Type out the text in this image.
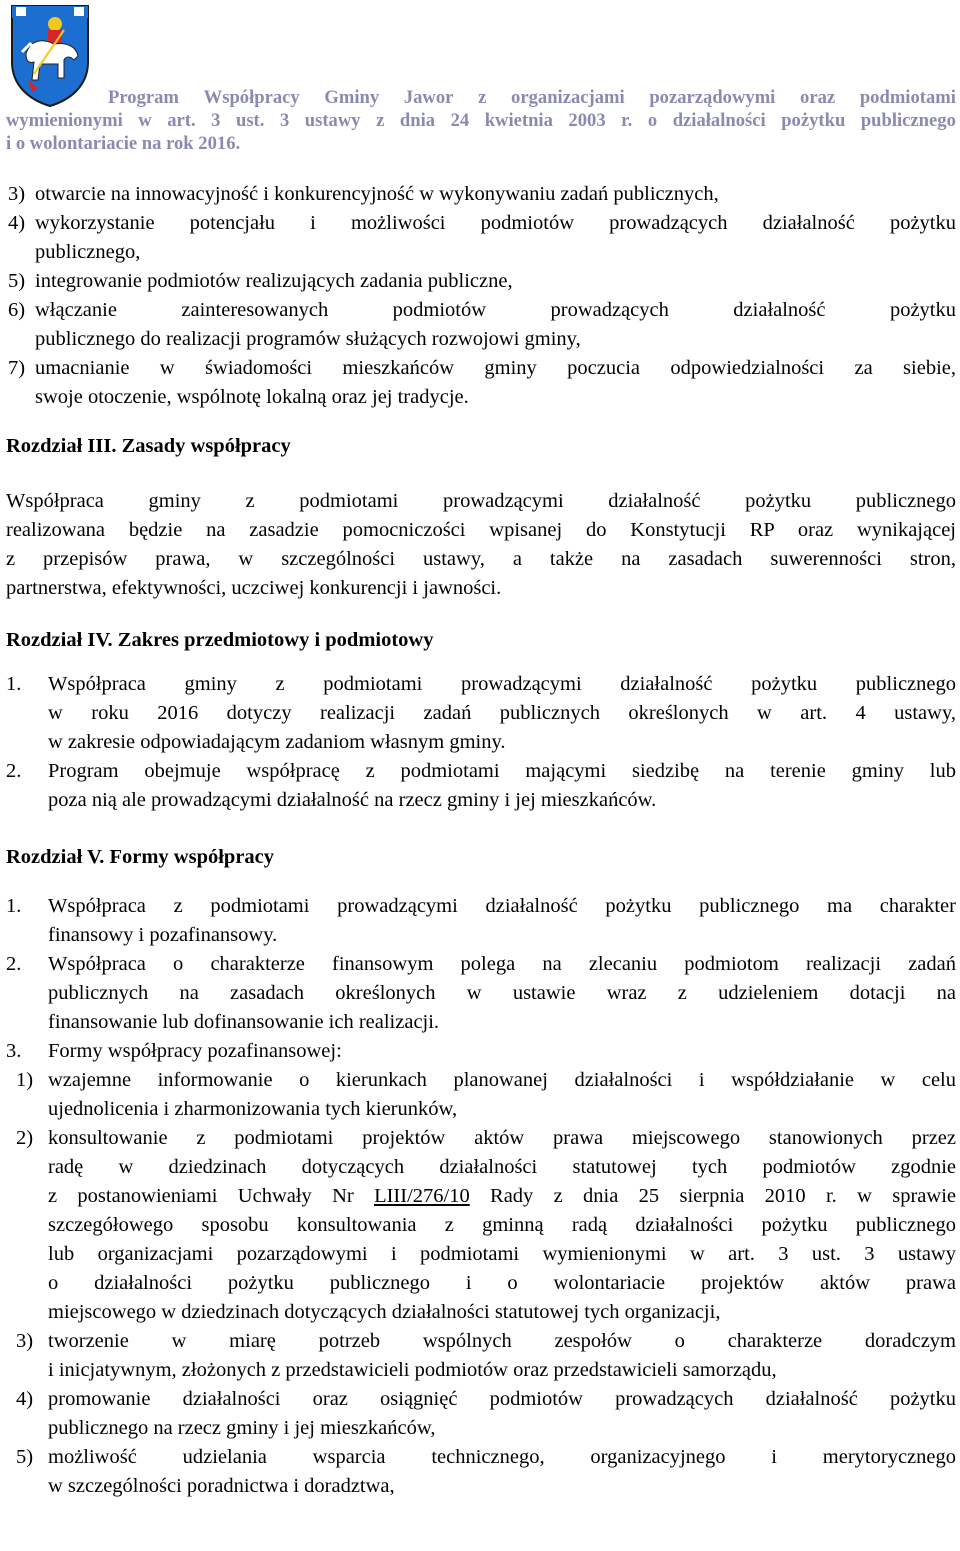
Program Współpracy Gminy Jawor z organizacjami pozarządowymi oraz podmiotami
wymienionymi w art. 3 ust. 3 ustawy z dnia 24 kwietnia 2003 r. o działalności pożytku publicznego
i o wolontariacie na rok 2016.
3) otwarcie na innowacyjność i konkurencyjność w wykonywaniu zadań publicznych,
4) wykorzystanie potencjału i możliwości podmiotów prowadzących działalność pożytku
publicznego,
5) integrowanie podmiotów realizujących zadania publiczne,
6) włączanie zainteresowanych podmiotów prowadzących działalność pożytku
publicznego do realizacji programów służących rozwojowi gminy,
7) umacnianie w świadomości mieszkańców gminy poczucia odpowiedzialności za siebie,
swoje otoczenie, wspólnotę lokalną oraz jej tradycje.
Rozdział III. Zasady współpracy
Współpraca gminy z podmiotami prowadzącymi działalność pożytku publicznego
realizowana będzie na zasadzie pomocniczości wpisanej do Konstytucji RP oraz wynikającej
z przepisów prawa, w szczególności ustawy, a także na zasadach suwerenności stron,
partnerstwa, efektywności, uczciwej konkurencji i jawności.
Rozdział IV. Zakres przedmiotowy i podmiotowy
1.	Współpraca gminy z podmiotami prowadzącymi działalność pożytku publicznego
w roku 2016 dotyczy realizacji zadań publicznych określonych w art. 4 ustawy,
w zakresie odpowiadającym zadaniom własnym gminy.
2.	Program obejmuje współpracę z podmiotami mającymi siedzibę na terenie gminy lub
poza nią ale prowadzącymi działalność na rzecz gminy i jej mieszkańców.
Rozdział V. Formy współpracy
1.	Współpraca z podmiotami prowadzącymi działalność pożytku publicznego ma charakter
finansowy i pozafinansowy.
2.	Współpraca o charakterze finansowym polega na zlecaniu podmiotom realizacji zadań
publicznych na zasadach określonych w ustawie wraz z udzieleniem dotacji na
finansowanie lub dofinansowanie ich realizacji.
3.	Formy współpracy pozafinansowej:
1) wzajemne informowanie o kierunkach planowanej działalności i współdziałanie w celu
ujednolicenia i zharmonizowania tych kierunków,
2) konsultowanie z podmiotami projektów aktów prawa miejscowego stanowionych przez
radę w dziedzinach dotyczących działalności statutowej tych podmiotów zgodnie
z postanowieniami Uchwały Nr LIII/276/10 Rady z dnia 25 sierpnia 2010 r. w sprawie
szczegółowego sposobu konsultowania z gminną radą działalności pożytku publicznego
lub organizacjami pozarządowymi i podmiotami wymienionymi w art. 3 ust. 3 ustawy
o działalności pożytku publicznego i o wolontariacie projektów aktów prawa
miejscowego w dziedzinach dotyczących działalności statutowej tych organizacji,
3) tworzenie w miarę potrzeb wspólnych zespołów o charakterze doradczym
i inicjatywnym, złożonych z przedstawicieli podmiotów oraz przedstawicieli samorządu,
4) promowanie działalności oraz osiągnięć podmiotów prowadzących działalność pożytku
publicznego na rzecz gminy i jej mieszkańców,
5) możliwość udzielania wsparcia technicznego, organizacyjnego i merytorycznego
w szczególności poradnictwa i doradztwa,
